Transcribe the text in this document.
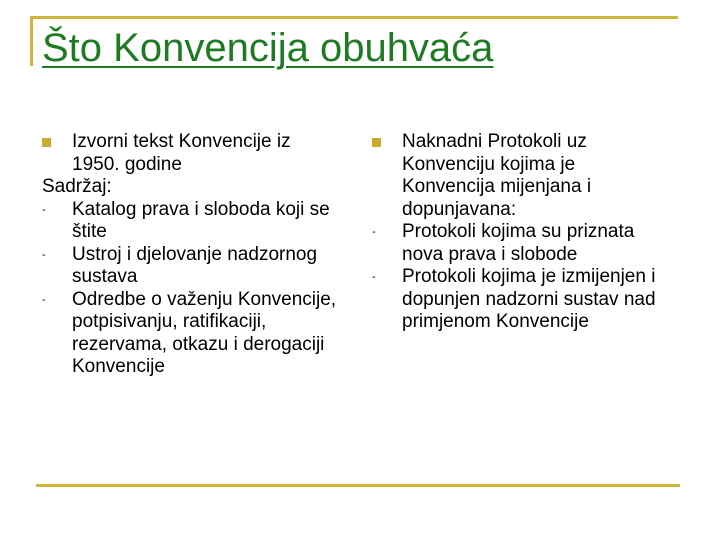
Što Konvencija obuhvaća
Izvorni tekst Konvencije iz 1950. godine
Sadržaj:
- Katalog prava i sloboda koji se štite
- Ustroj i djelovanje nadzornog sustava
- Odredbe o važenju Konvencije, potpisivanju, ratifikaciji, rezervama, otkazu i derogaciji Konvencije
Naknadni Protokoli uz Konvenciju kojima je Konvencija mijenjana i dopunjavana:
- Protokoli kojima su priznata nova prava i slobode
- Protokoli kojima je izmijenjen i dopunjen nadzorni sustav nad primjenom Konvencije
